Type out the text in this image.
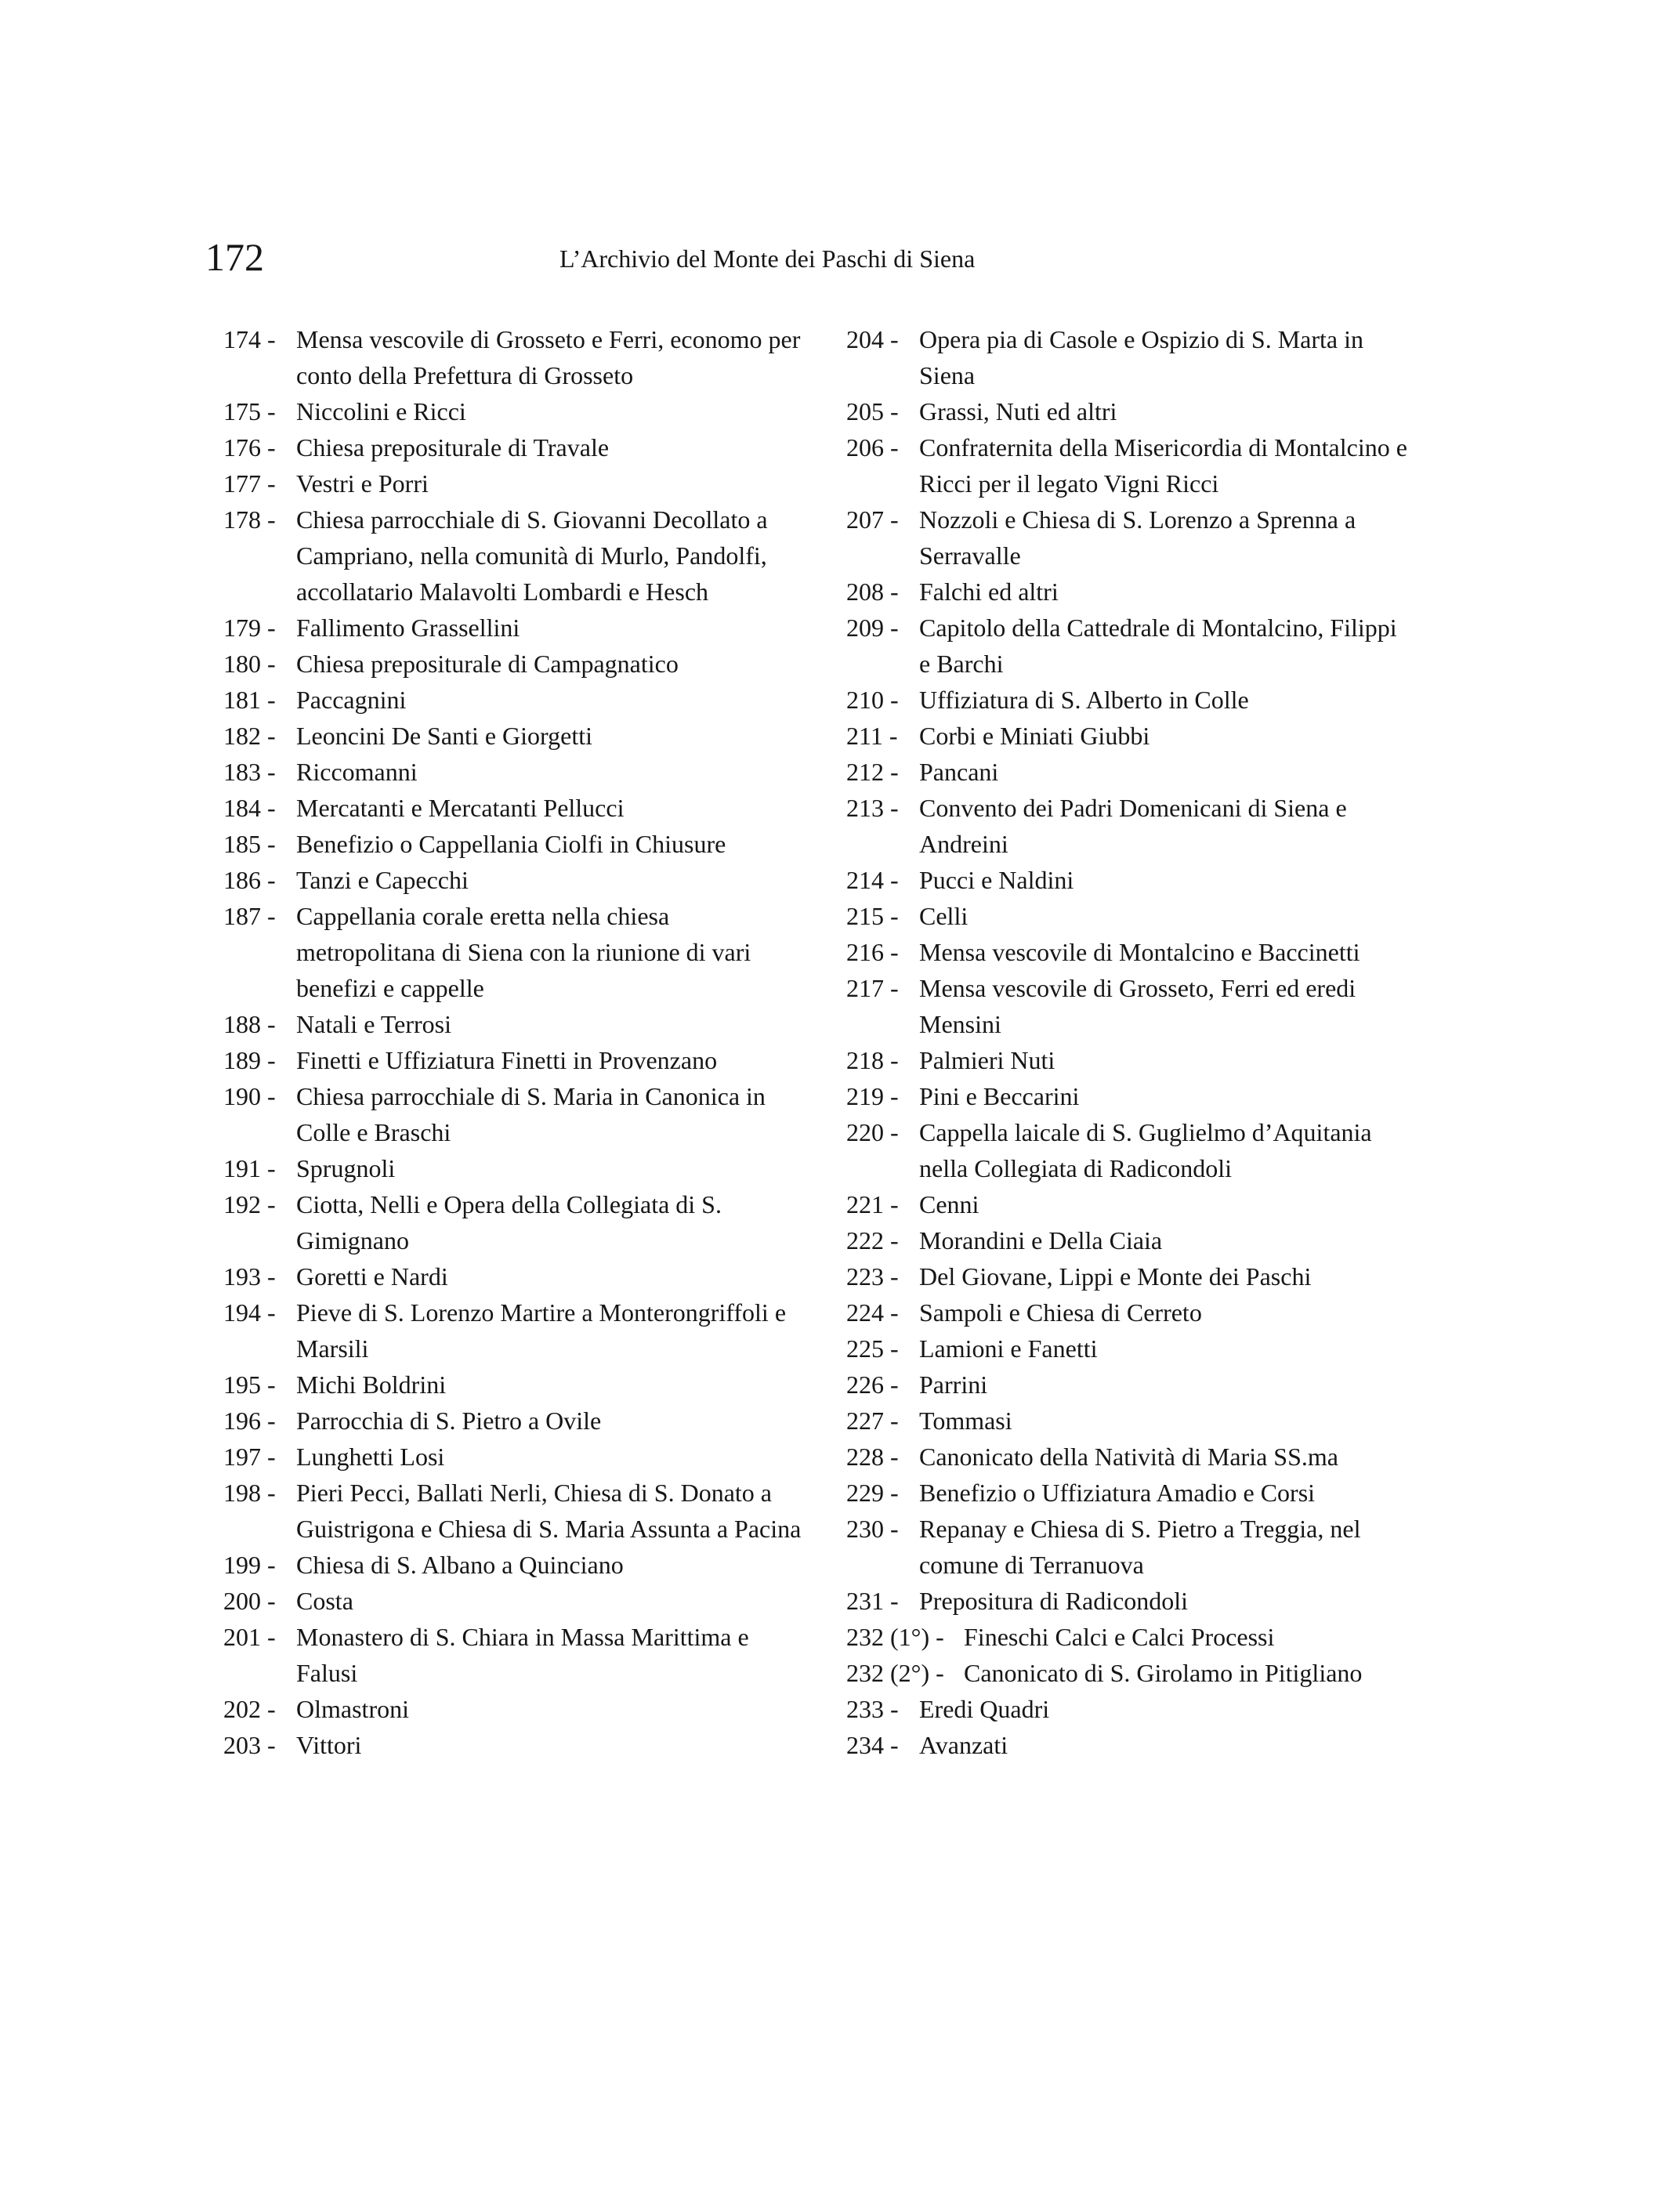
172	L’Archivio del Monte dei Paschi di Siena
174 - Mensa vescovile di Grosseto e Ferri, economo per conto della Prefettura di Grosseto
175 - Niccolini e Ricci
176 - Chiesa prepositurale di Travale
177 - Vestri e Porri
178 - Chiesa parrocchiale di S. Giovanni Decollato a Campriano, nella comunità di Murlo, Pandolfi, accollatario Malavolti Lombardi e Hesch
179 - Fallimento Grassellini
180 - Chiesa prepositurale di Campagnatico
181 - Paccagnini
182 - Leoncini De Santi e Giorgetti
183 - Riccomanni
184 - Mercatanti e Mercatanti Pellucci
185 - Benefizio o Cappellania Ciolfi in Chiusure
186 - Tanzi e Capecchi
187 - Cappellania corale eretta nella chiesa metropolitana di Siena con la riunione di vari benefizi e cappelle
188 - Natali e Terrosi
189 - Finetti e Uffiziatura Finetti in Provenzano
190 - Chiesa parrocchiale di S. Maria in Canonica in Colle e Braschi
191 - Sprugnoli
192 - Ciotta, Nelli e Opera della Collegiata di S. Gimignano
193 - Goretti e Nardi
194 - Pieve di S. Lorenzo Martire a Monterongriffoli e Marsili
195 - Michi Boldrini
196 - Parrocchia di S. Pietro a Ovile
197 - Lunghetti Losi
198 - Pieri Pecci, Ballati Nerli, Chiesa di S. Donato a Guistrigona e Chiesa di S. Maria Assunta a Pacina
199 - Chiesa di S. Albano a Quinciano
200 - Costa
201 - Monastero di S. Chiara in Massa Marittima e Falusi
202 - Olmastroni
203 - Vittori
204 - Opera pia di Casole e Ospizio di S. Marta in Siena
205 - Grassi, Nuti ed altri
206 - Confraternita della Misericordia di Montalcino e Ricci per il legato Vigni Ricci
207 - Nozzoli e Chiesa di S. Lorenzo a Sprenna a Serravalle
208 - Falchi ed altri
209 - Capitolo della Cattedrale di Montalcino, Filippi e Barchi
210 - Uffiziatura di S. Alberto in Colle
211 - Corbi e Miniati Giubbi
212 - Pancani
213 - Convento dei Padri Domenicani di Siena e Andreini
214 - Pucci e Naldini
215 - Celli
216 - Mensa vescovile di Montalcino e Baccinetti
217 - Mensa vescovile di Grosseto, Ferri ed eredi Mensini
218 - Palmieri Nuti
219 - Pini e Beccarini
220 - Cappella laicale di S. Guglielmo d’Aquitania nella Collegiata di Radicondoli
221 - Cenni
222 - Morandini e Della Ciaia
223 - Del Giovane, Lippi e Monte dei Paschi
224 - Sampoli e Chiesa di Cerreto
225 - Lamioni e Fanetti
226 - Parrini
227 - Tommasi
228 - Canonicato della Natività di Maria SS.ma
229 - Benefizio o Uffiziatura Amadio e Corsi
230 - Repanay e Chiesa di S. Pietro a Treggia, nel comune di Terranuova
231 - Prepositura di Radicondoli
232 (1°) - Fineschi Calci e Calci Processi
232 (2°) - Canonicato di S. Girolamo in Pitigliano
233 - Eredi Quadri
234 - Avanzati
